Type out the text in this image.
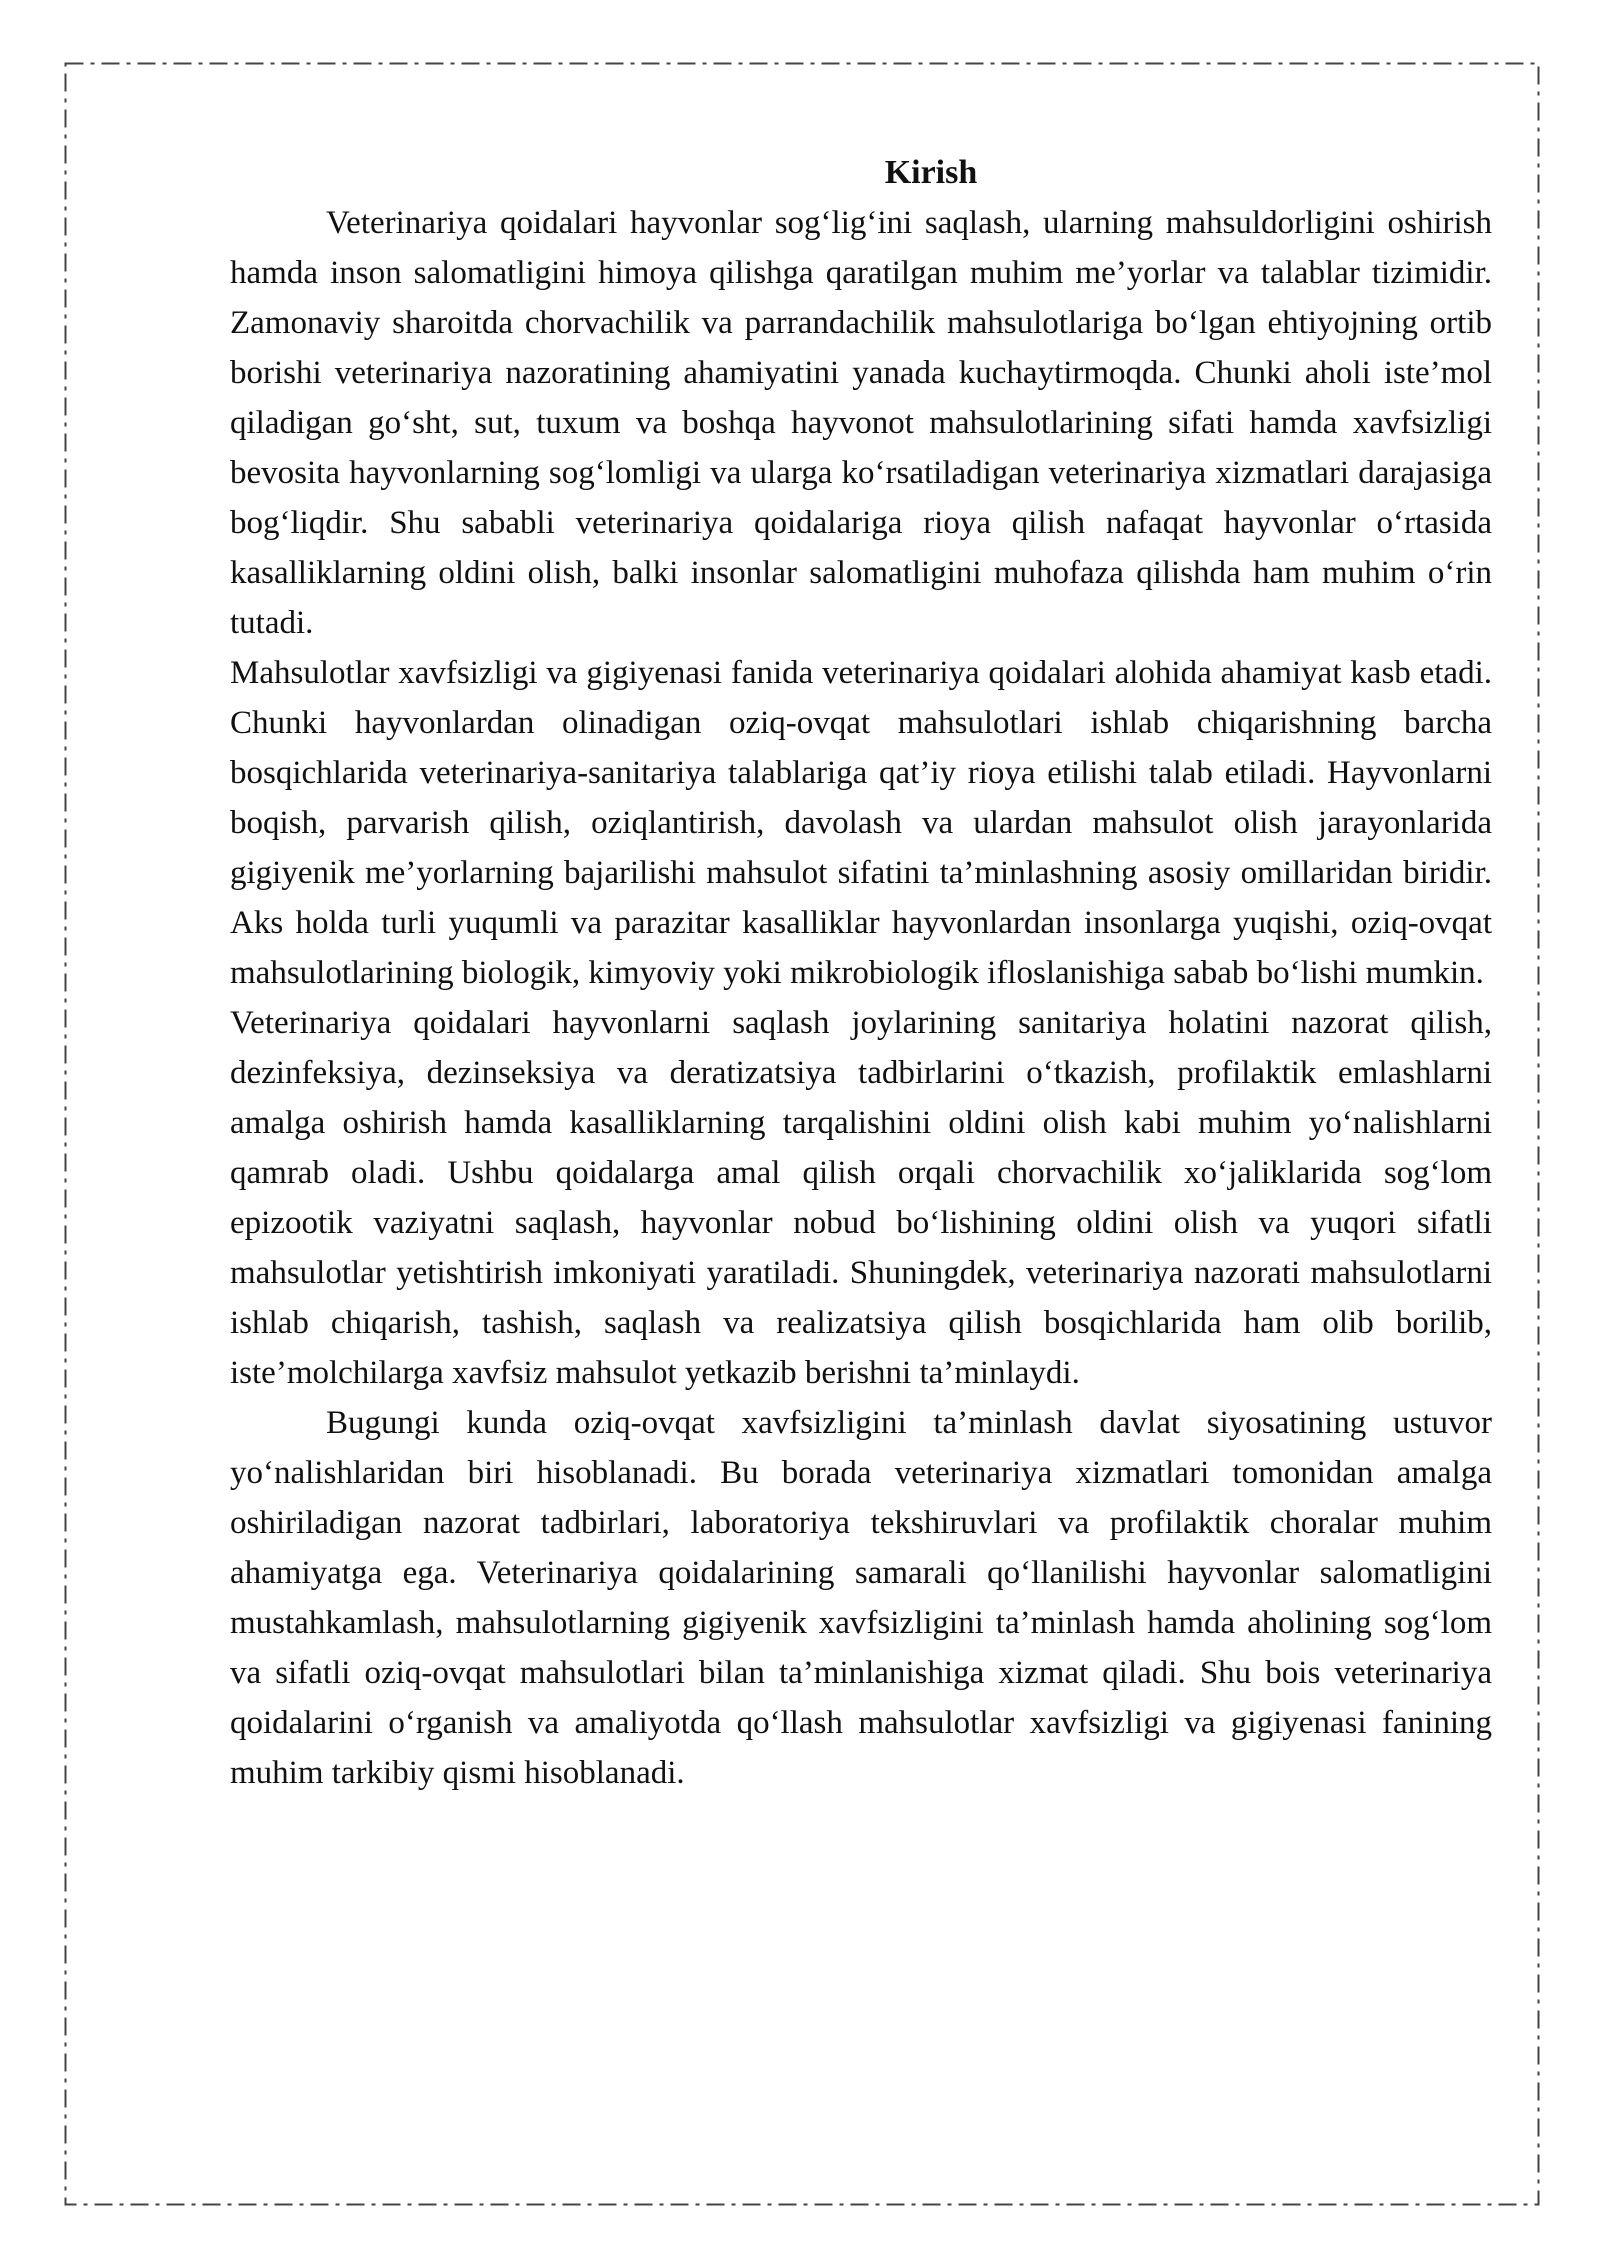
Kirish

Veterinariya qoidalari hayvonlar sog‘lig‘ini saqlash, ularning mahsuldorligini oshirish hamda inson salomatligini himoya qilishga qaratilgan muhim me’yorlar va talablar tizimidir. Zamonaviy sharoitda chorvachilik va parrandachilik mahsulotlariga bo‘lgan ehtiyojning ortib borishi veterinariya nazoratining ahamiyatini yanada kuchaytirmoqda. Chunki aholi iste’mol qiladigan go‘sht, sut, tuxum va boshqa hayvonot mahsulotlarining sifati hamda xavfsizligi bevosita hayvonlarning sog‘lomligi va ularga ko‘rsatiladigan veterinariya xizmatlari darajasiga bog‘liqdir. Shu sababli veterinariya qoidalariga rioya qilish nafaqat hayvonlar o‘rtasida kasalliklarning oldini olish, balki insonlar salomatligini muhofaza qilishda ham muhim o‘rin tutadi.

Mahsulotlar xavfsizligi va gigiyenasi fanida veterinariya qoidalari alohida ahamiyat kasb etadi. Chunki hayvonlardan olinadigan oziq-ovqat mahsulotlari ishlab chiqarishning barcha bosqichlarida veterinariya-sanitariya talablariga qat’iy rioya etilishi talab etiladi. Hayvonlarni boqish, parvarish qilish, oziqlantirish, davolash va ulardan mahsulot olish jarayonlarida gigiyenik me’yorlarning bajarilishi mahsulot sifatini ta’minlashning asosiy omillaridan biridir. Aks holda turli yuqumli va parazitar kasalliklar hayvonlardan insonlarga yuqishi, oziq-ovqat mahsulotlarining biologik, kimyoviy yoki mikrobiologik ifloslanishiga sabab bo‘lishi mumkin.

Veterinariya qoidalari hayvonlarni saqlash joylarining sanitariya holatini nazorat qilish, dezinfeksiya, dezinseksiya va deratizatsiya tadbirlarini o‘tkazish, profilaktik emlashlarni amalga oshirish hamda kasalliklarning tarqalishini oldini olish kabi muhim yo‘nalishlarni qamrab oladi. Ushbu qoidalarga amal qilish orqali chorvachilik xo‘jaliklarida sog‘lom epizootik vaziyatni saqlash, hayvonlar nobud bo‘lishining oldini olish va yuqori sifatli mahsulotlar yetishtirish imkoniyati yaratiladi. Shuningdek, veterinariya nazorati mahsulotlarni ishlab chiqarish, tashish, saqlash va realizatsiya qilish bosqichlarida ham olib borilib, iste’molchilarga xavfsiz mahsulot yetkazib berishni ta’minlaydi.

Bugungi kunda oziq-ovqat xavfsizligini ta’minlash davlat siyosatining ustuvor yo‘nalishlaridan biri hisoblanadi. Bu borada veterinariya xizmatlari tomonidan amalga oshiriladigan nazorat tadbirlari, laboratoriya tekshiruvlari va profilaktik choralar muhim ahamiyatga ega. Veterinariya qoidalarining samarali qo‘llanilishi hayvonlar salomatligini mustahkamlash, mahsulotlarning gigiyenik xavfsizligini ta’minlash hamda aholining sog‘lom va sifatli oziq-ovqat mahsulotlari bilan ta’minlanishiga xizmat qiladi. Shu bois veterinariya qoidalarini o‘rganish va amaliyotda qo‘llash mahsulotlar xavfsizligi va gigiyenasi fanining muhim tarkibiy qismi hisoblanadi.
